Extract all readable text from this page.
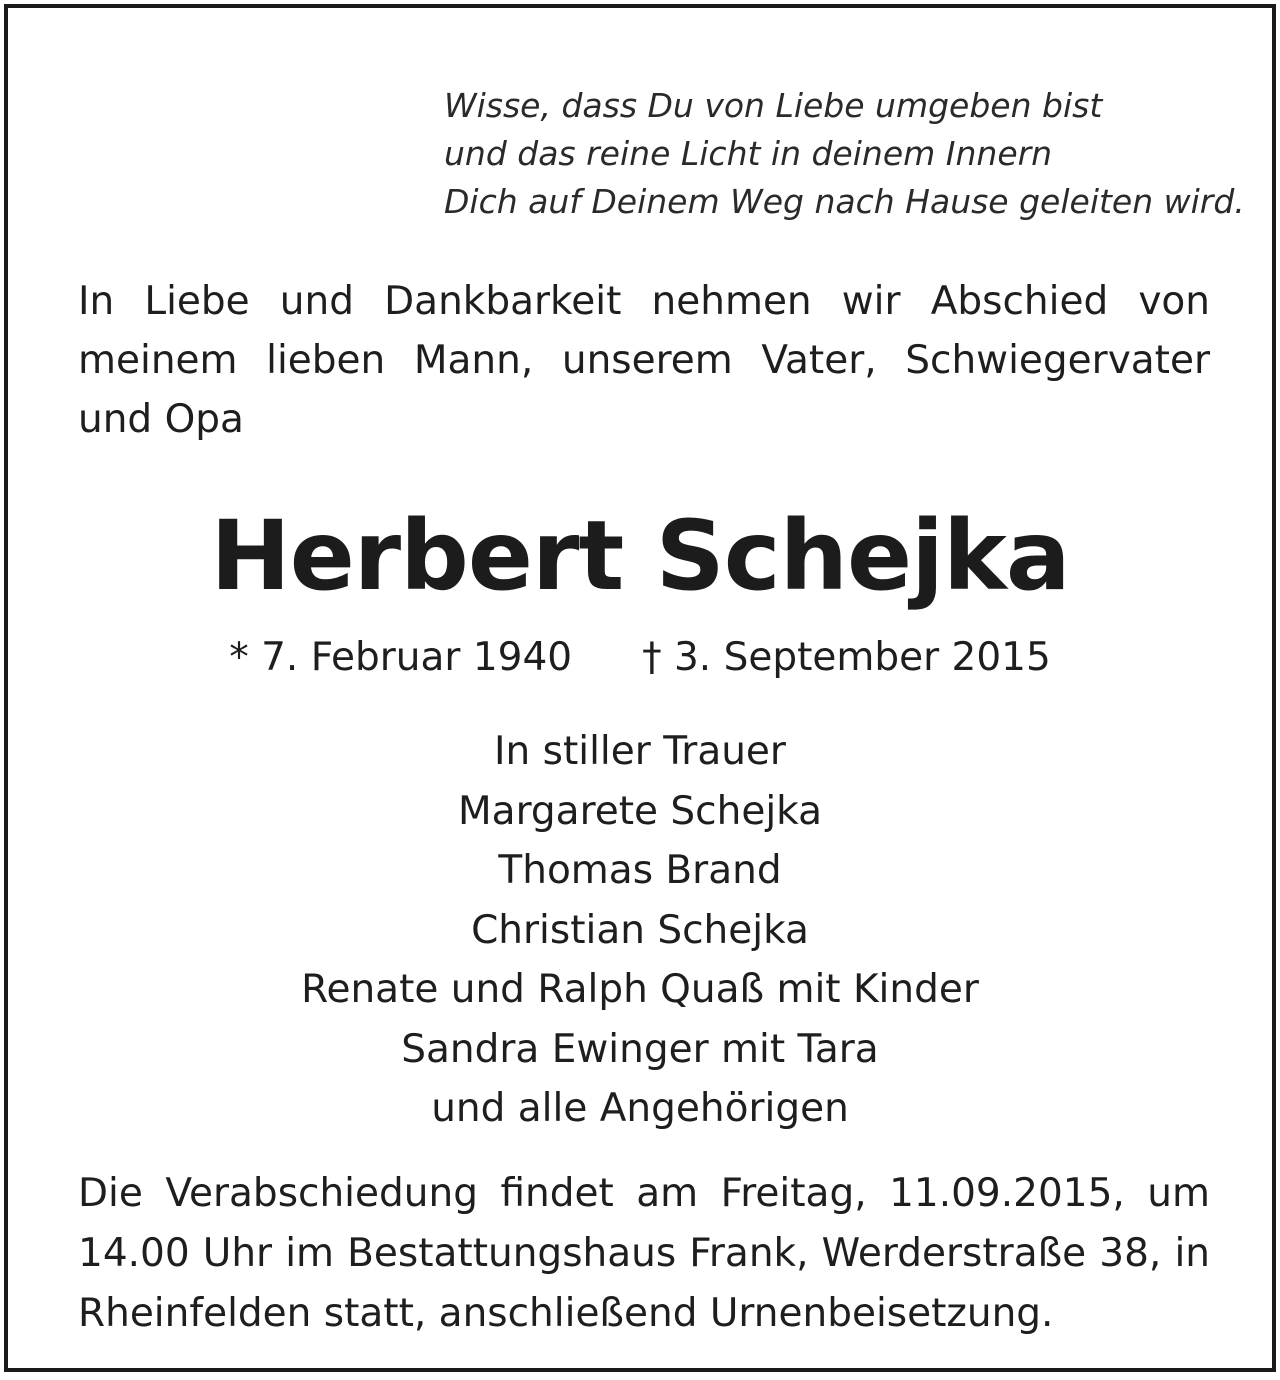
Wisse, dass Du von Liebe umgeben bist
und das reine Licht in deinem Innern
Dich auf Deinem Weg nach Hause geleiten wird.
In Liebe und Dankbarkeit nehmen wir Abschied von meinem lieben Mann, unserem Vater, Schwiegervater und Opa
Herbert Schejka
* 7. Februar 1940 † 3. September 2015
In stiller Trauer
Margarete Schejka
Thomas Brand
Christian Schejka
Renate und Ralph Quaß mit Kinder
Sandra Ewinger mit Tara
und alle Angehörigen
Die Verabschiedung findet am Freitag, 11.09.2015, um 14.00 Uhr im Bestattungshaus Frank, Werderstraße 38, in Rheinfelden statt, anschließend Urnenbeisetzung.
